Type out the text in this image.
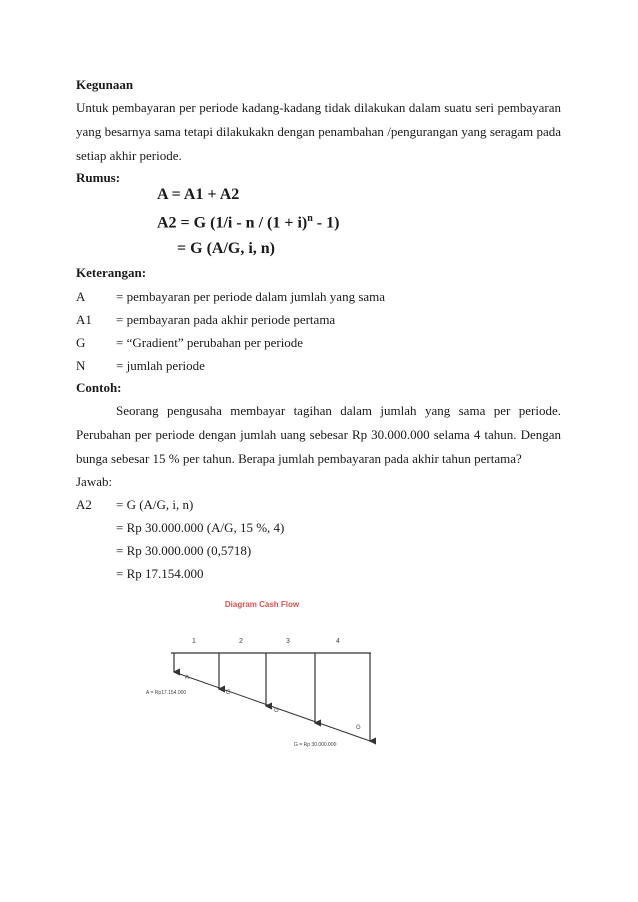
Kegunaan
Untuk pembayaran per periode kadang-kadang tidak dilakukan dalam suatu seri pembayaran
yang besarnya sama tetapi dilakukakn dengan penambahan /pengurangan yang seragam pada
setiap akhir periode.
Rumus:
A = A1 + A2
A2 = G $(1/i - n / (1 + i)^n - 1)$
= G (A/G, i, n)
Keterangan:
A = pembayaran per periode dalam jumlah yang sama
A1 = pembayaran pada akhir periode pertama
G = “Gradient” perubahan per periode
N = jumlah periode
Contoh:
Seorang pengusaha membayar tagihan dalam jumlah yang sama per periode.
Perubahan per periode dengan jumlah uang sebesar Rp 30.000.000 selama 4 tahun. Dengan
bunga sebesar 15 % per tahun. Berapa jumlah pembayaran pada akhir tahun pertama?
Jawab:
A2 = G (A/G, i, n)
= Rp 30.000.000 (A/G, 15 %, 4)
= Rp 30.000.000 (0,5718)
= Rp 17.154.000
Diagram Cash Flow
1	2	3	4
A
G
G
G
A = Rp17.154.000
G = Rp 30.000.000
